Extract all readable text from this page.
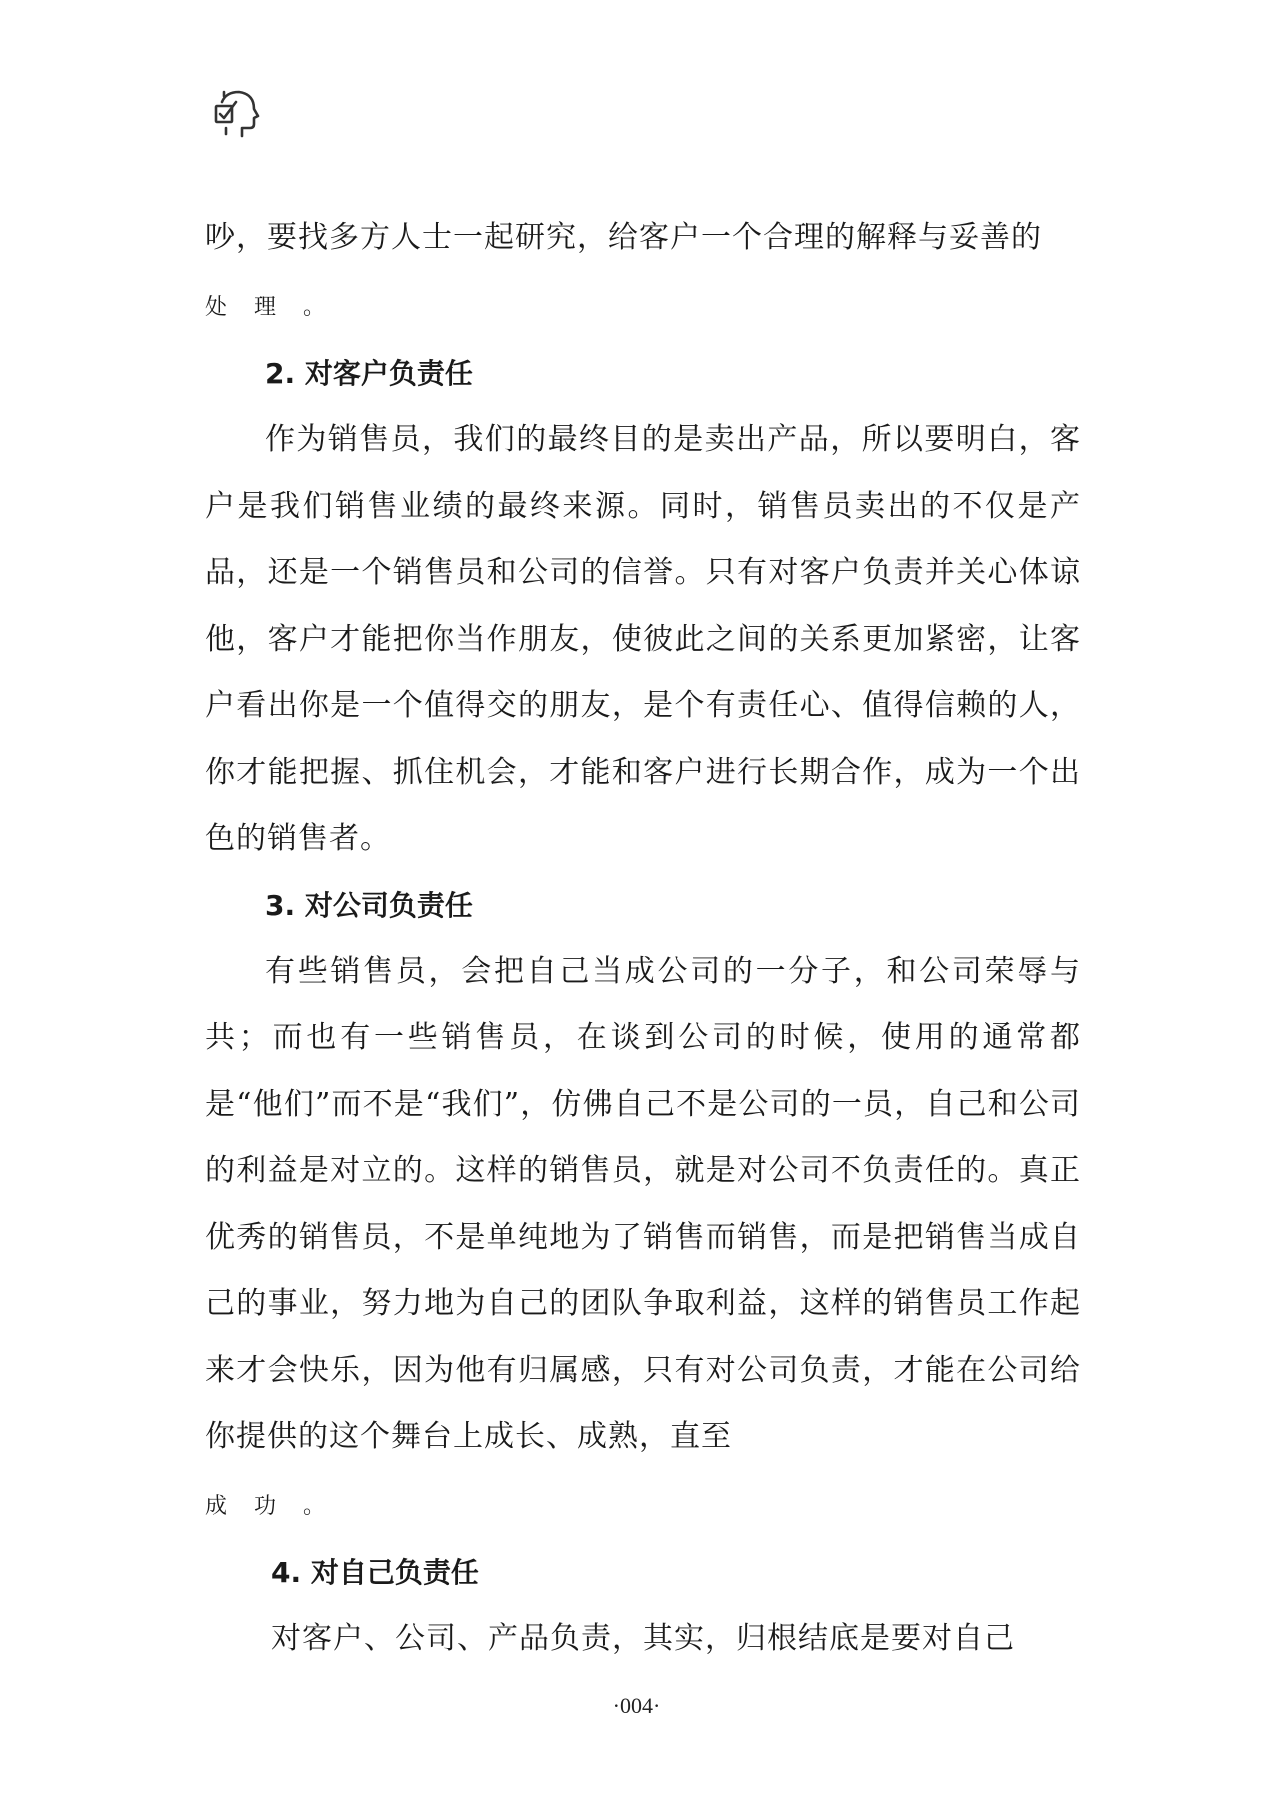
吵，要找多方人士一起研究，给客户一个合理的解释与妥善的
处 理 。

2. 对客户负责任

作为销售员，我们的最终目的是卖出产品，所以要明白，客户是我们销售业绩的最终来源。同时，销售员卖出的不仅是产品，还是一个销售员和公司的信誉。只有对客户负责并关心体谅他，客户才能把你当作朋友，使彼此之间的关系更加紧密，让客户看出你是一个值得交的朋友，是个有责任心、值得信赖的人，你才能把握、抓住机会，才能和客户进行长期合作，成为一个出色的销售者。

3. 对公司负责任

有些销售员，会把自己当成公司的一分子，和公司荣辱与共；而也有一些销售员，在谈到公司的时候，使用的通常都是“他们”而不是“我们”，仿佛自己不是公司的一员，自己和公司的利益是对立的。这样的销售员，就是对公司不负责任的。真正优秀的销售员，不是单纯地为了销售而销售，而是把销售当成自己的事业，努力地为自己的团队争取利益，这样的销售员工作起来才会快乐，因为他有归属感，只有对公司负责，才能在公司给你提供的这个舞台上成长、成熟，直至
成 功 。

4. 对自己负责任

对客户、公司、产品负责，其实，归根结底是要对自己

·004·
